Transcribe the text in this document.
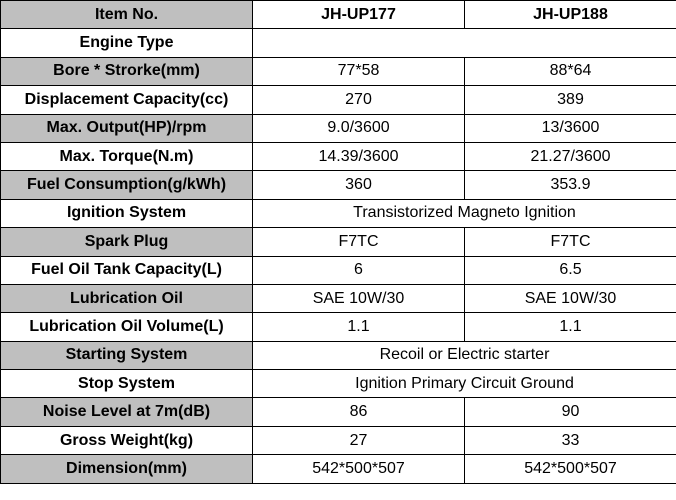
Item No.	JH-UP177	JH-UP188
Engine Type		
Bore * Strorke(mm)	77*58	88*64
Displacement Capacity(cc)	270	389
Max. Output(HP)/rpm	9.0/3600	13/3600
Max. Torque(N.m)	14.39/3600	21.27/3600
Fuel Consumption(g/kWh)	360	353.9
Ignition System	Transistorized Magneto Ignition	
Spark Plug	F7TC	F7TC
Fuel Oil Tank Capacity(L)	6	6.5
Lubrication Oil	SAE 10W/30	SAE 10W/30
Lubrication Oil Volume(L)	1.1	1.1
Starting System	Recoil or Electric starter	
Stop System	Ignition Primary Circuit Ground	
Noise Level at 7m(dB)	86	90
Gross Weight(kg)	27	33
Dimension(mm)	542*500*507	542*500*507
